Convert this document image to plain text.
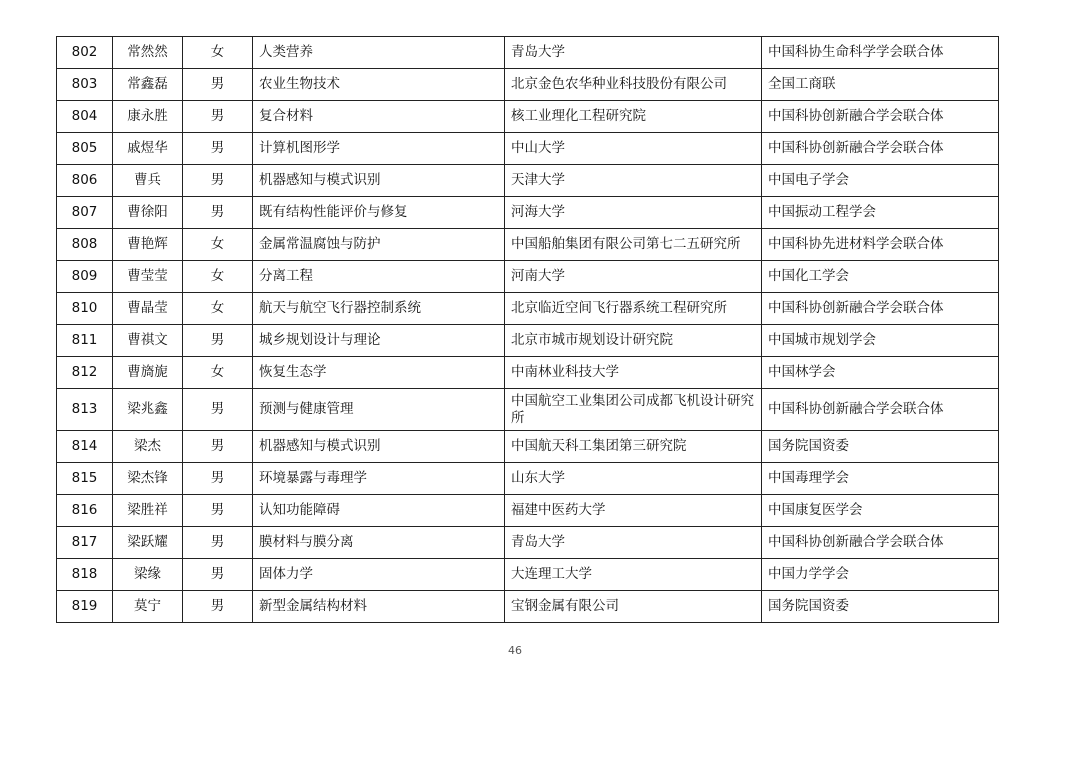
802	常然然	女	人类营养	青岛大学	中国科协生命科学学会联合体
803	常鑫磊	男	农业生物技术	北京金色农华种业科技股份有限公司	全国工商联
804	康永胜	男	复合材料	核工业理化工程研究院	中国科协创新融合学会联合体
805	戚煜华	男	计算机图形学	中山大学	中国科协创新融合学会联合体
806	曹兵	男	机器感知与模式识别	天津大学	中国电子学会
807	曹徐阳	男	既有结构性能评价与修复	河海大学	中国振动工程学会
808	曹艳辉	女	金属常温腐蚀与防护	中国船舶集团有限公司第七二五研究所	中国科协先进材料学会联合体
809	曹莹莹	女	分离工程	河南大学	中国化工学会
810	曹晶莹	女	航天与航空飞行器控制系统	北京临近空间飞行器系统工程研究所	中国科协创新融合学会联合体
811	曹祺文	男	城乡规划设计与理论	北京市城市规划设计研究院	中国城市规划学会
812	曹旖旎	女	恢复生态学	中南林业科技大学	中国林学会
813	梁兆鑫	男	预测与健康管理	中国航空工业集团公司成都飞机设计研究所	中国科协创新融合学会联合体
814	梁杰	男	机器感知与模式识别	中国航天科工集团第三研究院	国务院国资委
815	梁杰锋	男	环境暴露与毒理学	山东大学	中国毒理学会
816	梁胜祥	男	认知功能障碍	福建中医药大学	中国康复医学会
817	梁跃耀	男	膜材料与膜分离	青岛大学	中国科协创新融合学会联合体
818	梁缘	男	固体力学	大连理工大学	中国力学学会
819	莫宁	男	新型金属结构材料	宝钢金属有限公司	国务院国资委
46
